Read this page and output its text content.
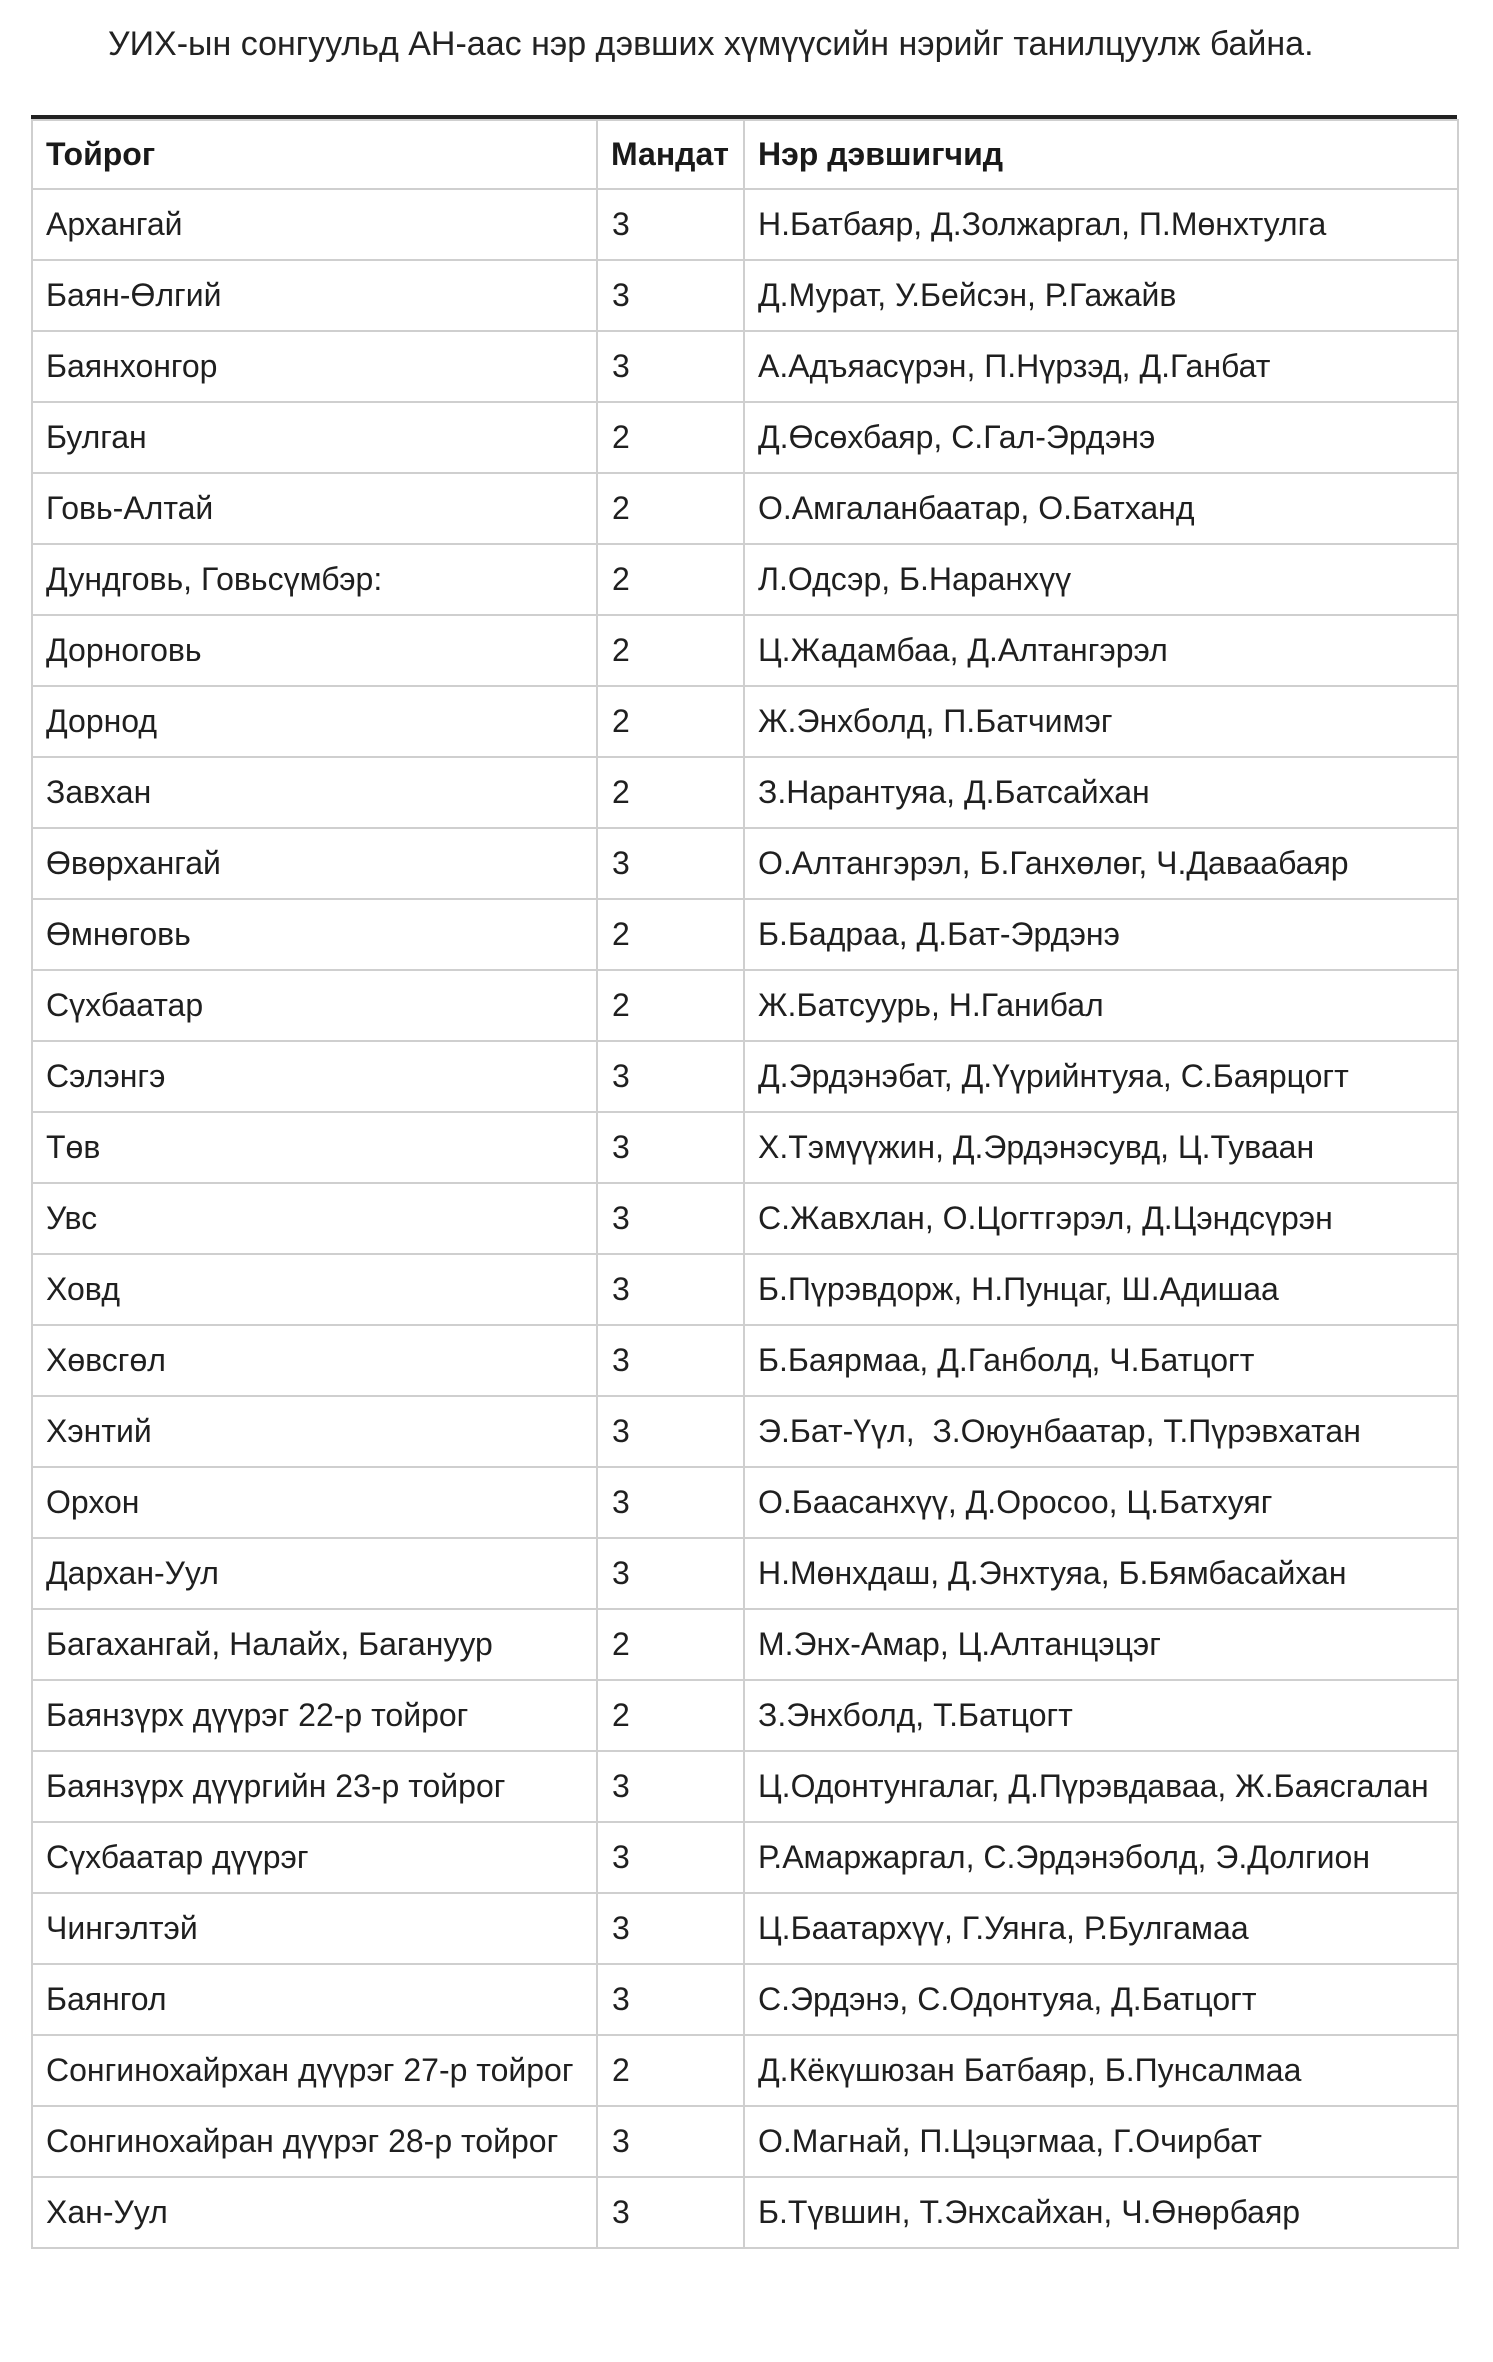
УИХ-ын сонгуульд АН-аас нэр дэвших хүмүүсийн нэрийг танилцуулж байна.
Тойрог	Мандат	Нэр дэвшигчид
Архангай	3	Н.Батбаяр, Д.Золжаргал, П.Мөнхтулга
Баян-Өлгий	3	Д.Мурат, У.Бейсэн, Р.Гажайв
Баянхонгор	3	А.Адъяасүрэн, П.Нүрзэд, Д.Ганбат
Булган	2	Д.Өсөхбаяр, С.Гал-Эрдэнэ
Говь-Алтай	2	О.Амгаланбаатар, О.Батханд
Дундговь, Говьсүмбэр:	2	Л.Одсэр, Б.Наранхүү
Дорноговь	2	Ц.Жадамбаа, Д.Алтангэрэл
Дорнод	2	Ж.Энхболд, П.Батчимэг
Завхан	2	З.Нарантуяа, Д.Батсайхан
Өвөрхангай	3	О.Алтангэрэл, Б.Ганхөлөг, Ч.Даваабаяр
Өмнөговь	2	Б.Бадраа, Д.Бат-Эрдэнэ
Сүхбаатар	2	Ж.Батсуурь, Н.Ганибал
Сэлэнгэ	3	Д.Эрдэнэбат, Д.Үүрийнтуяа, С.Баярцогт
Төв	3	Х.Тэмүүжин, Д.Эрдэнэсувд, Ц.Туваан
Увс	3	С.Жавхлан, О.Цогтгэрэл, Д.Цэндсүрэн
Ховд	3	Б.Пүрэвдорж, Н.Пунцаг, Ш.Адишаа
Хөвсгөл	3	Б.Баярмаа, Д.Ганболд, Ч.Батцогт
Хэнтий	3	Э.Бат-Үүл,  З.Оюунбаатар, Т.Пүрэвхатан
Орхон	3	О.Баасанхүү, Д.Оросоо, Ц.Батхуяг
Дархан-Уул	3	Н.Мөнхдаш, Д.Энхтуяа, Б.Бямбасайхан
Багахангай, Налайх, Багануур	2	М.Энх-Амар, Ц.Алтанцэцэг
Баянзүрх дүүрэг 22-р тойрог	2	З.Энхболд, Т.Батцогт
Баянзүрх дүүргийн 23-р тойрог	3	Ц.Одонтунгалаг, Д.Пүрэвдаваа, Ж.Баясгалан
Сүхбаатар дүүрэг	3	Р.Амаржаргал, С.Эрдэнэболд, Э.Долгион
Чингэлтэй	3	Ц.Баатархүү, Г.Уянга, Р.Булгамаа
Баянгол	3	С.Эрдэнэ, С.Одонтуяа, Д.Батцогт
Сонгинохайрхан дүүрэг 27-р тойрог	2	Д.Кёкүшюзан Батбаяр, Б.Пунсалмаа
Сонгинохайран дүүрэг 28-р тойрог	3	О.Магнай, П.Цэцэгмаа, Г.Очирбат
Хан-Уул	3	Б.Түвшин, Т.Энхсайхан, Ч.Өнөрбаяр
